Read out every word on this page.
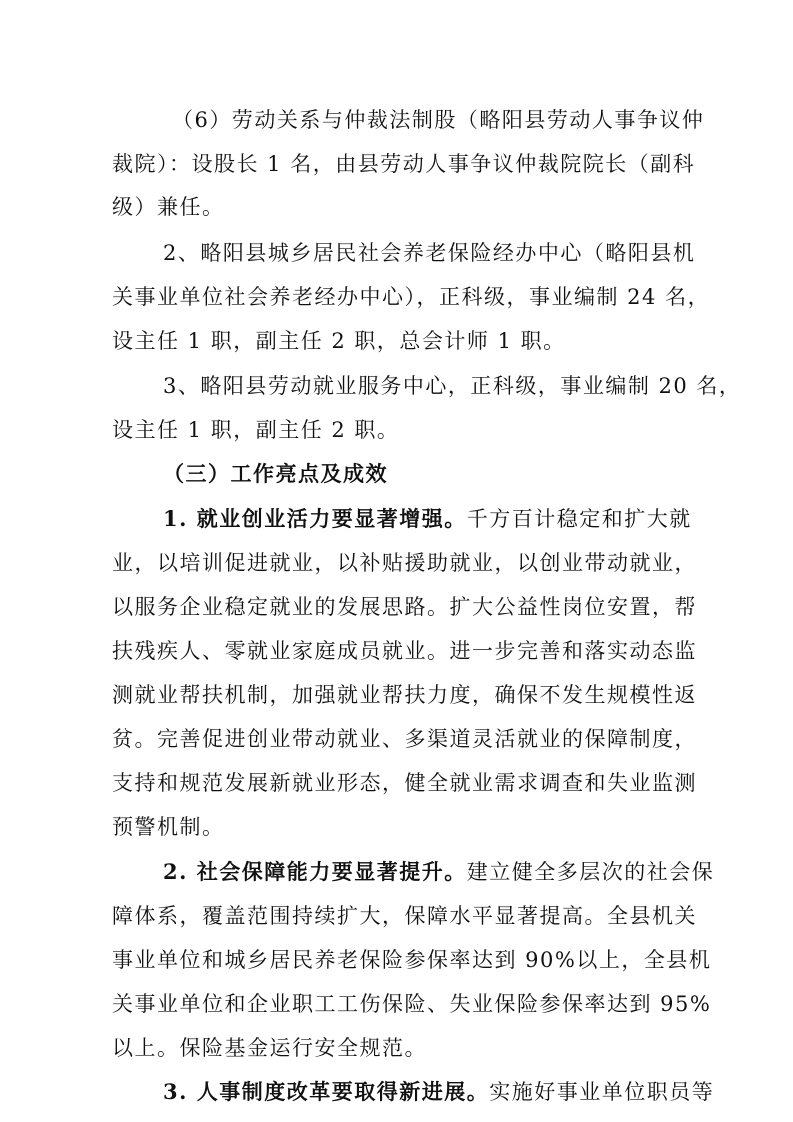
（6）劳动关系与仲裁法制股（略阳县劳动人事争议仲
裁院）：设股长 1 名，由县劳动人事争议仲裁院院长（副科
级）兼任。
2、略阳县城乡居民社会养老保险经办中心（略阳县机
关事业单位社会养老经办中心），正科级，事业编制 24 名，
设主任 1 职，副主任 2 职，总会计师 1 职。
3、略阳县劳动就业服务中心，正科级，事业编制 20 名，
设主任 1 职，副主任 2 职。
（三）工作亮点及成效
1. 就业创业活力要显著增强。千方百计稳定和扩大就
业，以培训促进就业，以补贴援助就业，以创业带动就业，
以服务企业稳定就业的发展思路。扩大公益性岗位安置，帮
扶残疾人、零就业家庭成员就业。进一步完善和落实动态监
测就业帮扶机制，加强就业帮扶力度，确保不发生规模性返
贫。完善促进创业带动就业、多渠道灵活就业的保障制度，
支持和规范发展新就业形态，健全就业需求调查和失业监测
预警机制。
2. 社会保障能力要显著提升。建立健全多层次的社会保
障体系，覆盖范围持续扩大，保障水平显著提高。全县机关
事业单位和城乡居民养老保险参保率达到 90%以上，全县机
关事业单位和企业职工工伤保险、失业保险参保率达到 95%
以上。保险基金运行安全规范。
3. 人事制度改革要取得新进展。实施好事业单位职员等
